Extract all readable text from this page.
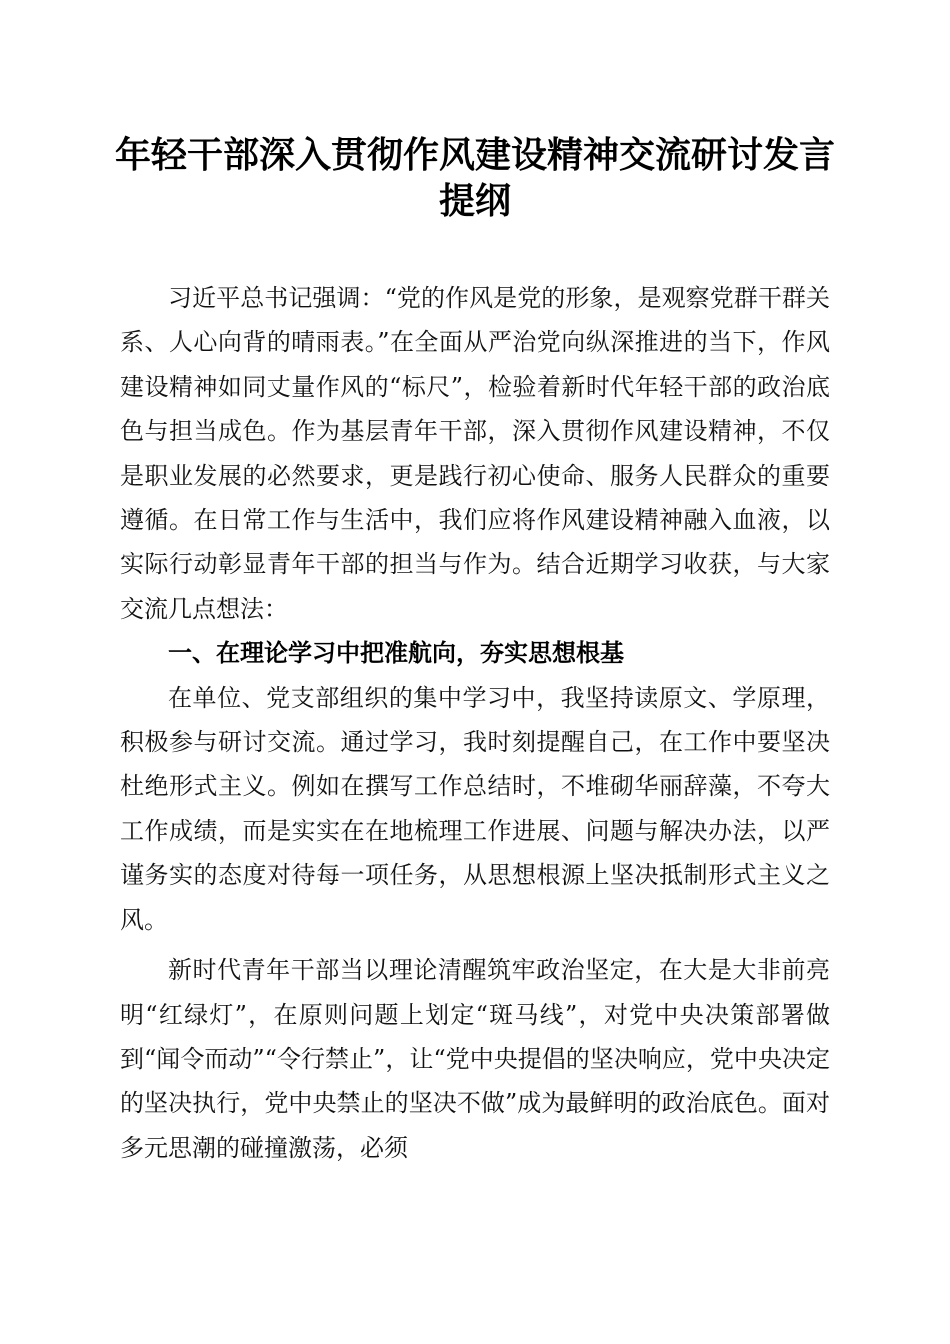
年轻干部深入贯彻作风建设精神交流研讨发言
提纲

习近平总书记强调：“党的作风是党的形象，是观察党群干群关系、人心向背的晴雨表。”在全面从严治党向纵深推进的当下，作风建设精神如同丈量作风的“标尺”，检验着新时代年轻干部的政治底色与担当成色。作为基层青年干部，深入贯彻作风建设精神，不仅是职业发展的必然要求，更是践行初心使命、服务人民群众的重要遵循。在日常工作与生活中，我们应将作风建设精神融入血液，以实际行动彰显青年干部的担当与作为。结合近期学习收获，与大家交流几点想法：

一、在理论学习中把准航向，夯实思想根基

在单位、党支部组织的集中学习中，我坚持读原文、学原理，积极参与研讨交流。通过学习，我时刻提醒自己，在工作中要坚决杜绝形式主义。例如在撰写工作总结时，不堆砌华丽辞藻，不夸大工作成绩，而是实实在在地梳理工作进展、问题与解决办法，以严谨务实的态度对待每一项任务，从思想根源上坚决抵制形式主义之风。

新时代青年干部当以理论清醒筑牢政治坚定，在大是大非前亮明“红绿灯”，在原则问题上划定“斑马线”，对党中央决策部署做到“闻令而动”“令行禁止”，让“党中央提倡的坚决响应，党中央决定的坚决执行，党中央禁止的坚决不做”成为最鲜明的政治底色。面对多元思潮的碰撞激荡，必须
